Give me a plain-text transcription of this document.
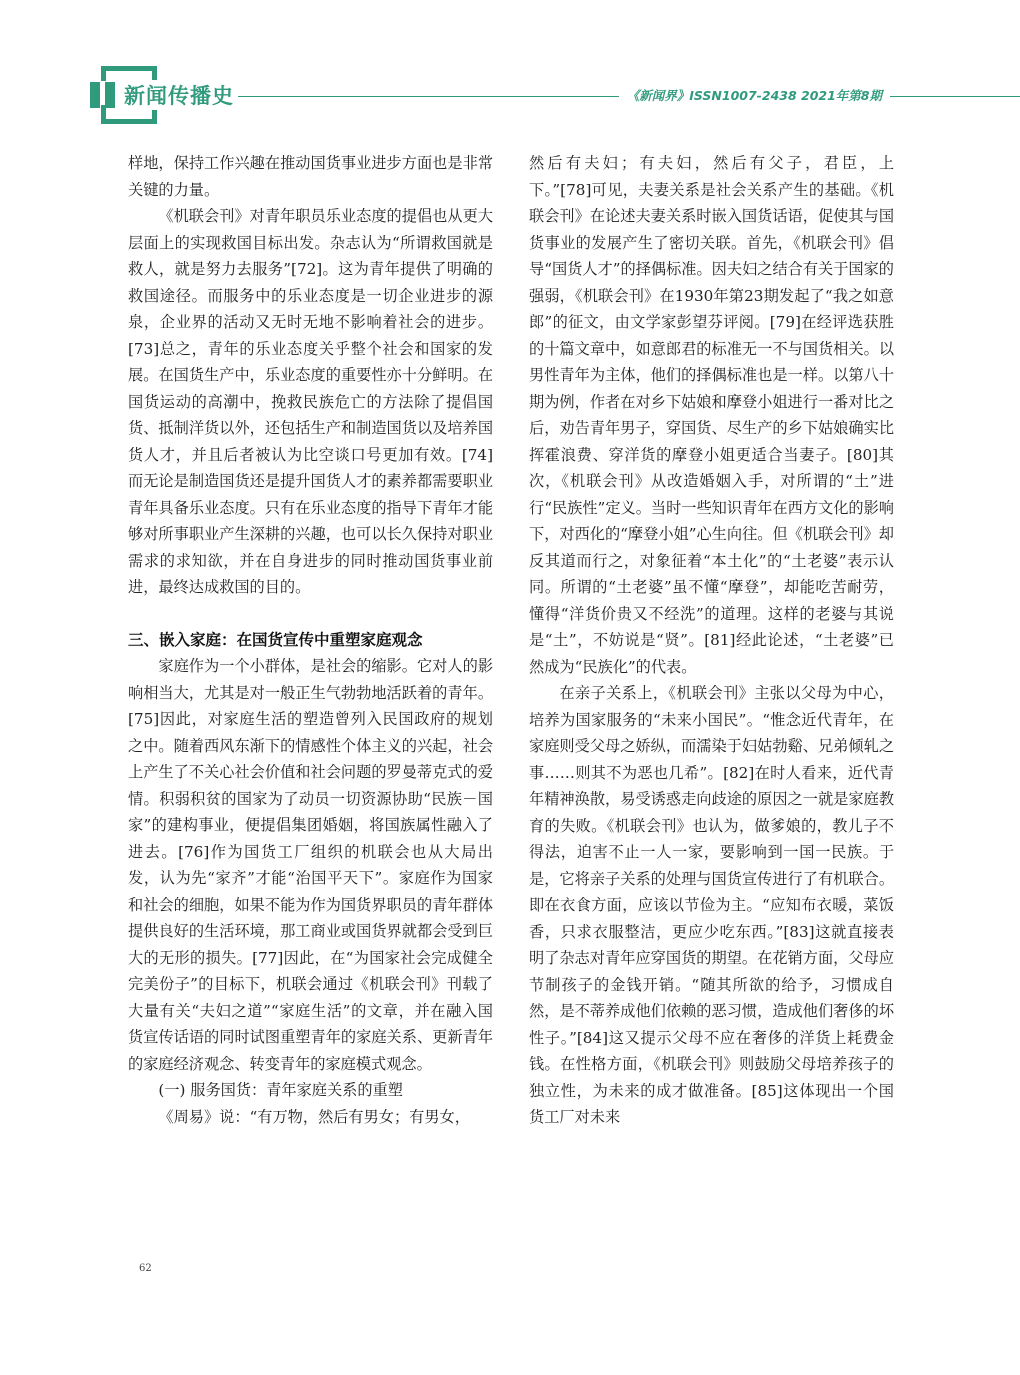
新闻传播史	《新闻界》ISSN1007-2438 2021年第8期

样地，保持工作兴趣在推动国货事业进步方面也是非常关键的力量。

《机联会刊》对青年职员乐业态度的提倡也从更大层面上的实现救国目标出发。杂志认为“所谓救国就是救人，就是努力去服务”[72]。这为青年提供了明确的救国途径。而服务中的乐业态度是一切企业进步的源泉，企业界的活动又无时无地不影响着社会的进步。[73]总之，青年的乐业态度关乎整个社会和国家的发展。在国货生产中，乐业态度的重要性亦十分鲜明。在国货运动的高潮中，挽救民族危亡的方法除了提倡国货、抵制洋货以外，还包括生产和制造国货以及培养国货人才，并且后者被认为比空谈口号更加有效。[74]而无论是制造国货还是提升国货人才的素养都需要职业青年具备乐业态度。只有在乐业态度的指导下青年才能够对所事职业产生深耕的兴趣，也可以长久保持对职业需求的求知欲，并在自身进步的同时推动国货事业前进，最终达成救国的目的。

三、嵌入家庭：在国货宣传中重塑家庭观念

家庭作为一个小群体，是社会的缩影。它对人的影响相当大，尤其是对一般正生气勃勃地活跃着的青年。[75]因此，对家庭生活的塑造曾列入民国政府的规划之中。随着西风东渐下的情感性个体主义的兴起，社会上产生了不关心社会价值和社会问题的罗曼蒂克式的爱情。积弱积贫的国家为了动员一切资源协助“民族－国家”的建构事业，便提倡集团婚姻，将国族属性融入了进去。[76]作为国货工厂组织的机联会也从大局出发，认为先“家齐”才能“治国平天下”。家庭作为国家和社会的细胞，如果不能为作为国货界职员的青年群体提供良好的生活环境，那工商业或国货界就都会受到巨大的无形的损失。[77]因此，在“为国家社会完成健全完美份子”的目标下，机联会通过《机联会刊》刊载了大量有关“夫妇之道”“家庭生活”的文章，并在融入国货宣传话语的同时试图重塑青年的家庭关系、更新青年的家庭经济观念、转变青年的家庭模式观念。

(一) 服务国货：青年家庭关系的重塑

《周易》说：“有万物，然后有男女；有男女，

然后有夫妇；有夫妇，然后有父子，君臣，上下。”[78]可见，夫妻关系是社会关系产生的基础。《机联会刊》在论述夫妻关系时嵌入国货话语，促使其与国货事业的发展产生了密切关联。首先，《机联会刊》倡导“国货人才”的择偶标准。因夫妇之结合有关于国家的强弱，《机联会刊》在1930年第23期发起了“我之如意郎”的征文，由文学家彭望芬评阅。[79]在经评选获胜的十篇文章中，如意郎君的标准无一不与国货相关。以男性青年为主体，他们的择偶标准也是一样。以第八十期为例，作者在对乡下姑娘和摩登小姐进行一番对比之后，劝告青年男子，穿国货、尽生产的乡下姑娘确实比挥霍浪费、穿洋货的摩登小姐更适合当妻子。[80]其次，《机联会刊》从改造婚姻入手，对所谓的“土”进行“民族性”定义。当时一些知识青年在西方文化的影响下，对西化的“摩登小姐”心生向往。但《机联会刊》却反其道而行之，对象征着“本土化”的“土老婆”表示认同。所谓的“土老婆”虽不懂“摩登”，却能吃苦耐劳，懂得“洋货价贵又不经洗”的道理。这样的老婆与其说是“土”，不妨说是“贤”。[81]经此论述，“土老婆”已然成为“民族化”的代表。

在亲子关系上，《机联会刊》主张以父母为中心，培养为国家服务的“未来小国民”。“惟念近代青年，在家庭则受父母之娇纵，而濡染于妇姑勃谿、兄弟倾轧之事……则其不为恶也几希”。[82]在时人看来，近代青年精神涣散，易受诱惑走向歧途的原因之一就是家庭教育的失败。《机联会刊》也认为，做爹娘的，教儿子不得法，迫害不止一人一家，要影响到一国一民族。于是，它将亲子关系的处理与国货宣传进行了有机联合。即在衣食方面，应该以节俭为主。“应知布衣暖，菜饭香，只求衣服整洁，更应少吃东西。”[83]这就直接表明了杂志对青年应穿国货的期望。在花销方面，父母应节制孩子的金钱开销。“随其所欲的给予，习惯成自然，是不蒂养成他们依赖的恶习惯，造成他们奢侈的坏性子。”[84]这又提示父母不应在奢侈的洋货上耗费金钱。在性格方面，《机联会刊》则鼓励父母培养孩子的独立性，为未来的成才做准备。[85]这体现出一个国货工厂对未来

62
